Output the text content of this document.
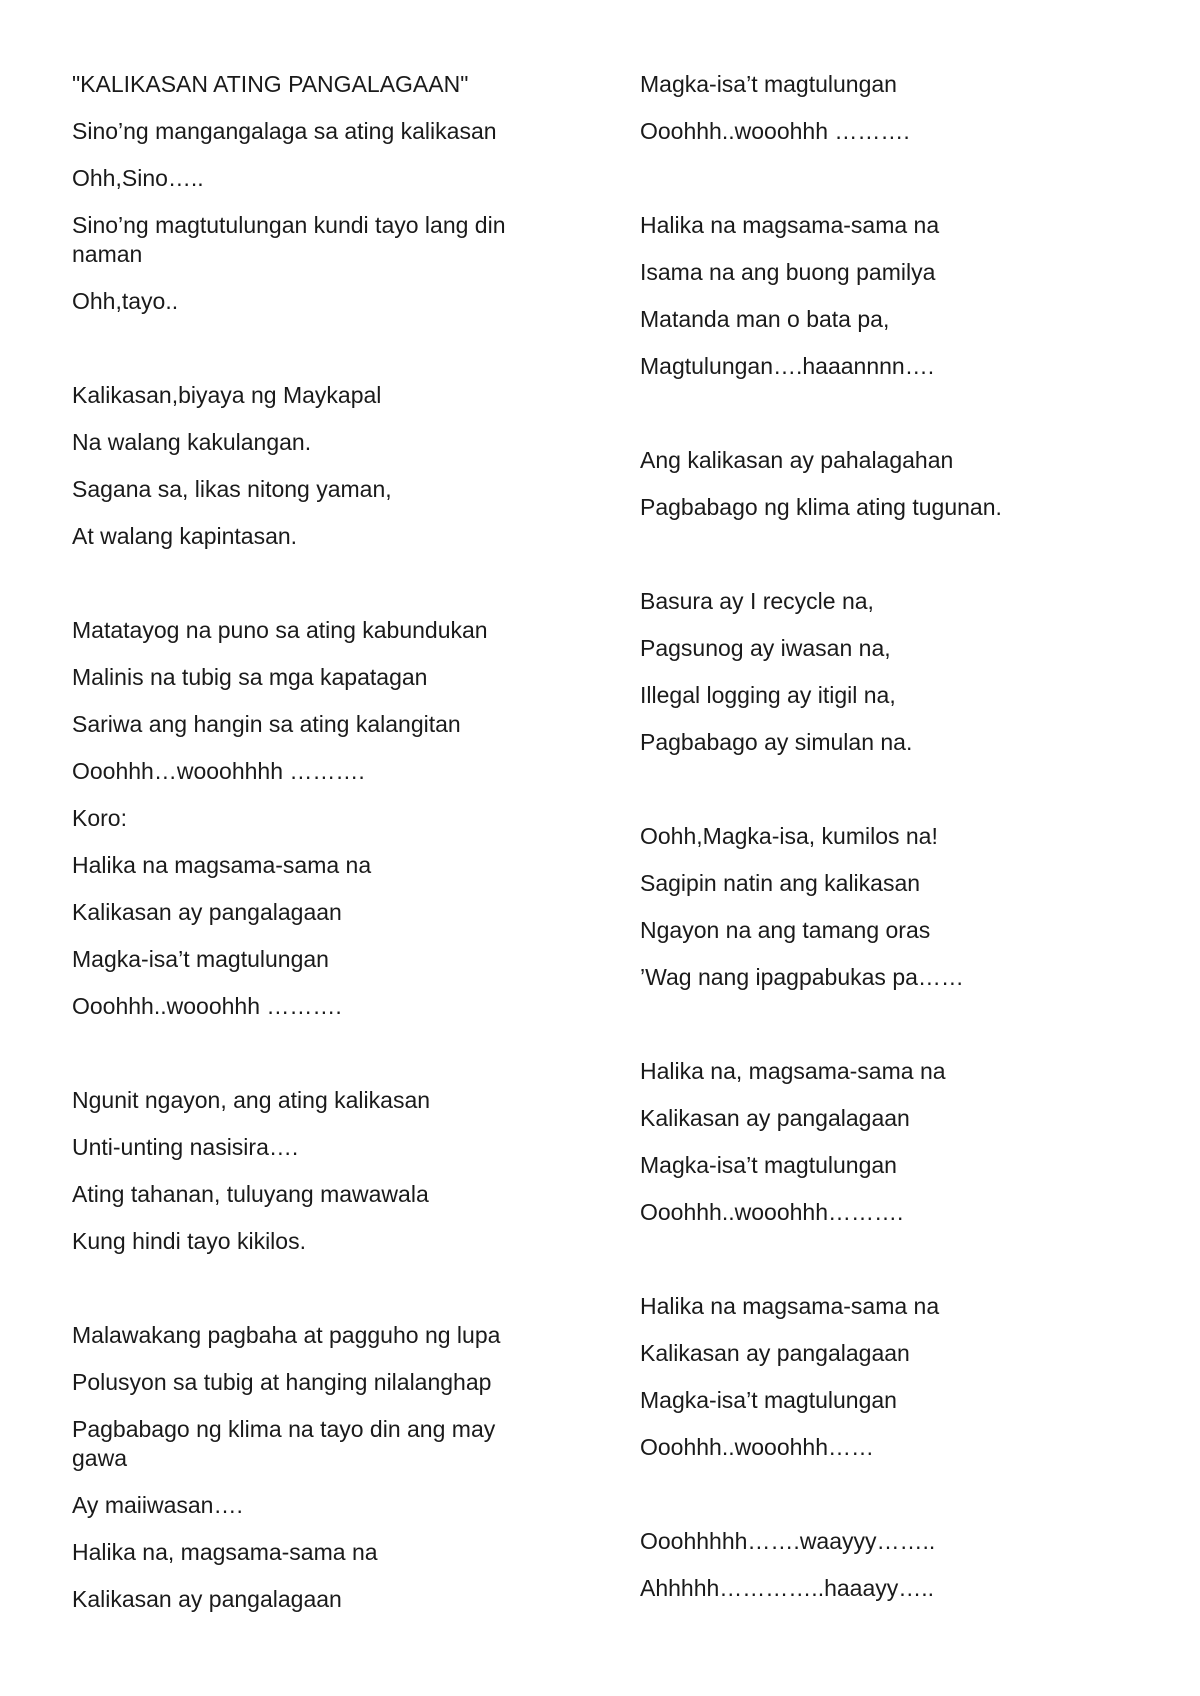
"KALIKASAN ATING PANGALAGAAN"
Sino’ng mangangalaga sa ating kalikasan
Ohh,Sino…..
Sino’ng magtutulungan kundi tayo lang din naman
Ohh,tayo..
Kalikasan,biyaya ng Maykapal
Na walang kakulangan.
Sagana sa, likas nitong yaman,
At walang kapintasan.
Matatayog na puno sa ating kabundukan
Malinis na tubig sa mga kapatagan
Sariwa ang hangin sa ating kalangitan
Ooohhh…wooohhhh ……….
Koro:
Halika na magsama-sama na
Kalikasan ay pangalagaan
Magka-isa’t magtulungan
Ooohhh..wooohhh ……….
Ngunit ngayon, ang ating kalikasan
Unti-unting nasisira….
Ating tahanan, tuluyang mawawala
Kung hindi tayo kikilos.
Malawakang pagbaha at pagguho ng lupa
Polusyon sa tubig at hanging nilalanghap
Pagbabago ng klima na tayo din ang may gawa
Ay maiiwasan….
Halika na, magsama-sama na
Kalikasan ay pangalagaan
Magka-isa’t magtulungan
Ooohhh..wooohhh ……….
Halika na magsama-sama na
Isama na ang buong pamilya
Matanda man o bata pa,
Magtulungan….haaannnn….
Ang kalikasan ay pahalagahan
Pagbabago ng klima ating tugunan.
Basura ay I recycle na,
Pagsunog ay iwasan na,
Illegal logging ay itigil na,
Pagbabago ay simulan na.
Oohh,Magka-isa, kumilos na!
Sagipin natin ang kalikasan
Ngayon na ang tamang oras
’Wag nang ipagpabukas pa……
Halika na, magsama-sama na
Kalikasan ay pangalagaan
Magka-isa’t magtulungan
Ooohhh..wooohhh……….
Halika na magsama-sama na
Kalikasan ay pangalagaan
Magka-isa’t magtulungan
Ooohhh..wooohhh……
Ooohhhhh…….waayyy……..
Ahhhhh…………..haaayy…..
